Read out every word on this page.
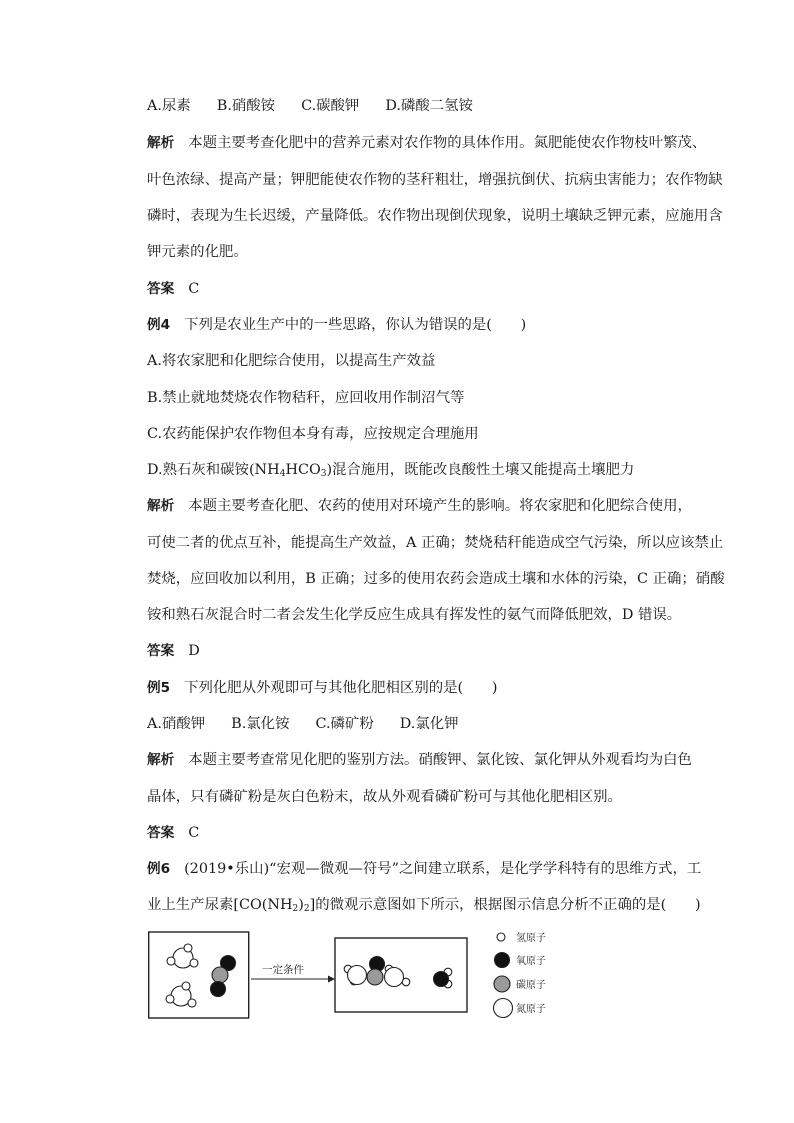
A.尿素 B.硝酸铵 C.碳酸钾 D.磷酸二氢铵
解析 本题主要考查化肥中的营养元素对农作物的具体作用。氮肥能使农作物枝叶繁茂、
叶色浓绿、提高产量；钾肥能使农作物的茎秆粗壮，增强抗倒伏、抗病虫害能力；农作物缺
磷时，表现为生长迟缓，产量降低。农作物出现倒伏现象，说明土壤缺乏钾元素，应施用含
钾元素的化肥。
答案 C
例4 下列是农业生产中的一些思路，你认为错误的是(　　)
A.将农家肥和化肥综合使用，以提高生产效益
B.禁止就地焚烧农作物秸秆，应回收用作制沼气等
C.农药能保护农作物但本身有毒，应按规定合理施用
D.熟石灰和碳铵$(NH_4HCO_3)$混合施用，既能改良酸性土壤又能提高土壤肥力
解析 本题主要考查化肥、农药的使用对环境产生的影响。将农家肥和化肥综合使用，
可使二者的优点互补，能提高生产效益，A 正确；焚烧秸秆能造成空气污染，所以应该禁止
焚烧，应回收加以利用，B 正确；过多的使用农药会造成土壤和水体的污染，C 正确；硝酸
铵和熟石灰混合时二者会发生化学反应生成具有挥发性的氨气而降低肥效，D 错误。
答案 D
例5 下列化肥从外观即可与其他化肥相区别的是(　　)
A.硝酸钾 B.氯化铵 C.磷矿粉 D.氯化钾
解析 本题主要考查常见化肥的鉴别方法。硝酸钾、氯化铵、氯化钾从外观看均为白色
晶体，只有磷矿粉是灰白色粉末，故从外观看磷矿粉可与其他化肥相区别。
答案 C
例6 (2019•乐山)“宏观—微观—符号”之间建立联系，是化学学科特有的思维方式，工
业上生产尿素$[CO(NH_2)_2]$的微观示意图如下所示，根据图示信息分析不正确的是(　　)
一定条件
氢原子
氧原子
碳原子
氮原子
